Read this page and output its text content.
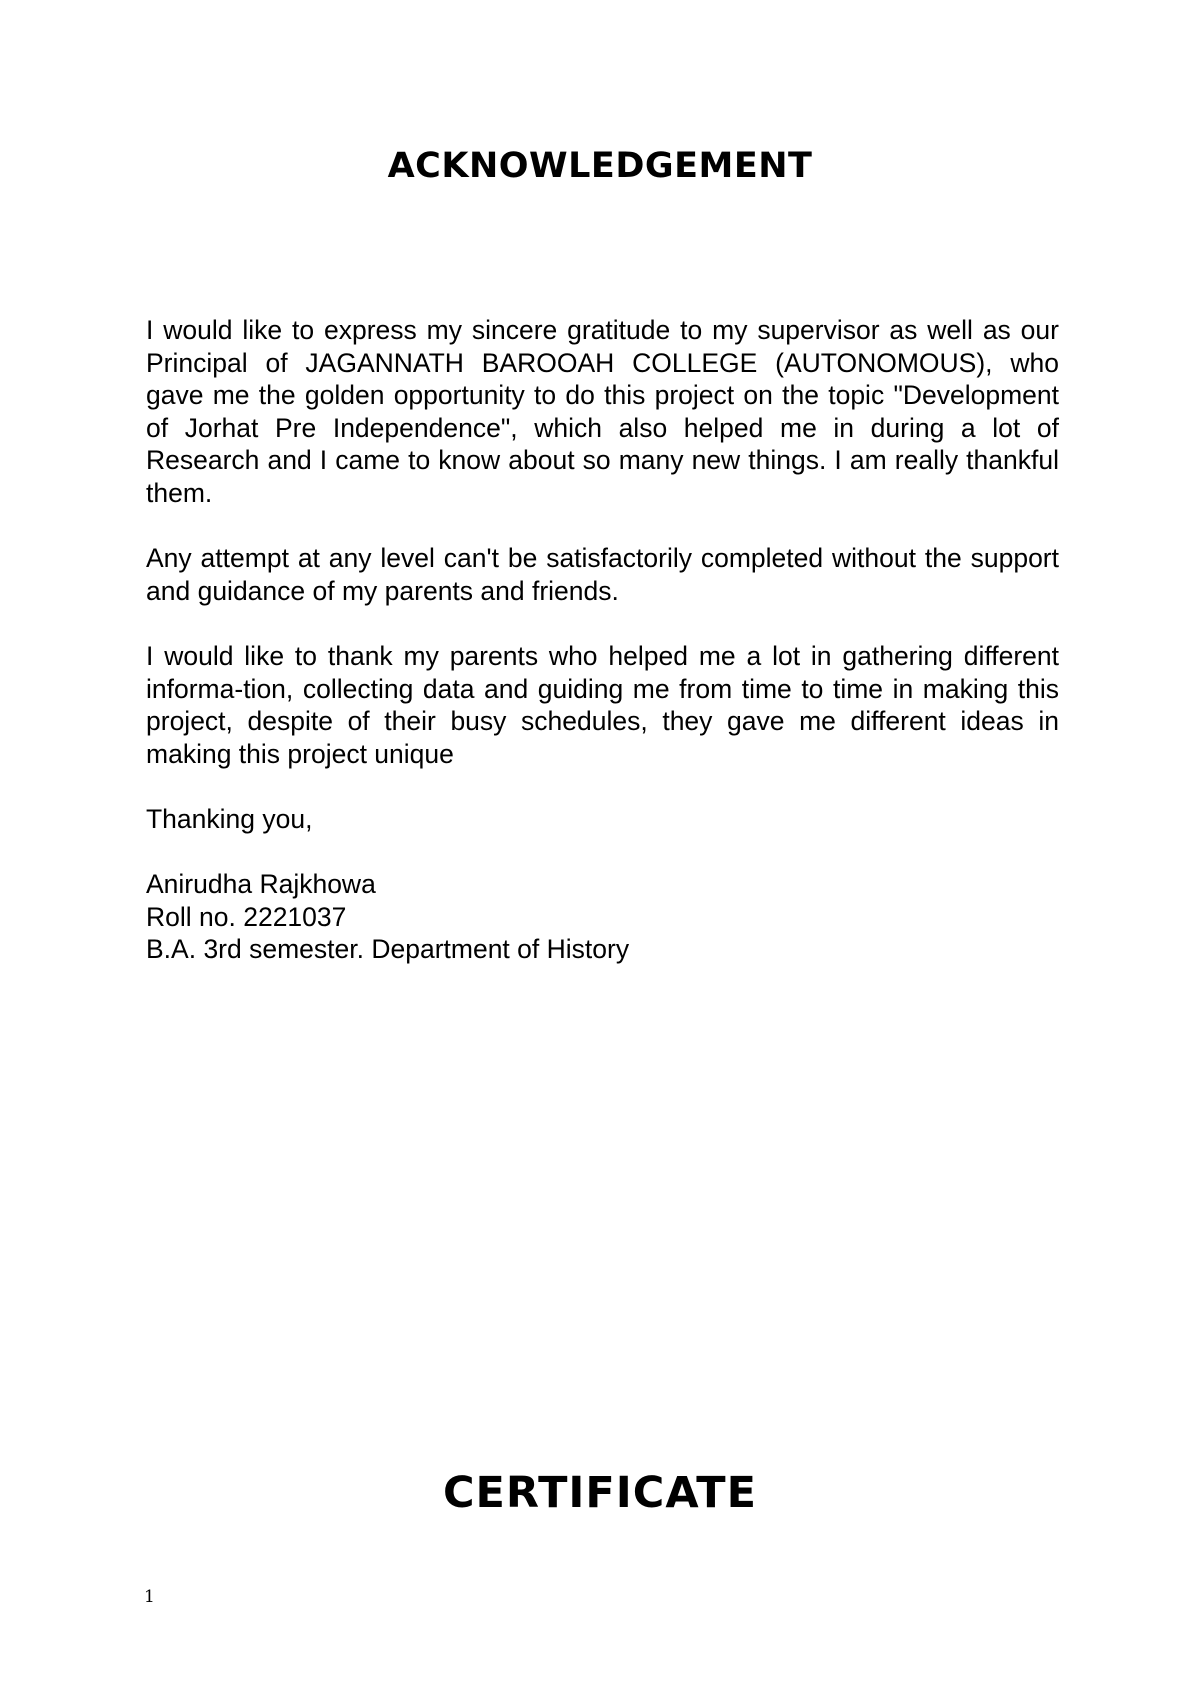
ACKNOWLEDGEMENT

I would like to express my sincere gratitude to my supervisor as well as our Principal of JAGANNATH BAROOAH COLLEGE (AUTONOMOUS), who gave me the golden opportunity to do this project on the topic "Development of Jorhat Pre Independence", which also helped me in during a lot of Research and I came to know about so many new things. I am really thankful them.

Any attempt at any level can't be satisfactorily completed without the support and guidance of my parents and friends.

I would like to thank my parents who helped me a lot in gathering different informa-tion, collecting data and guiding me from time to time in making this project, despite of their busy schedules, they gave me different ideas in making this project unique

Thanking you,

Anirudha Rajkhowa
Roll no. 2221037
B.A. 3rd semester. Department of History
CERTIFICATE
1
